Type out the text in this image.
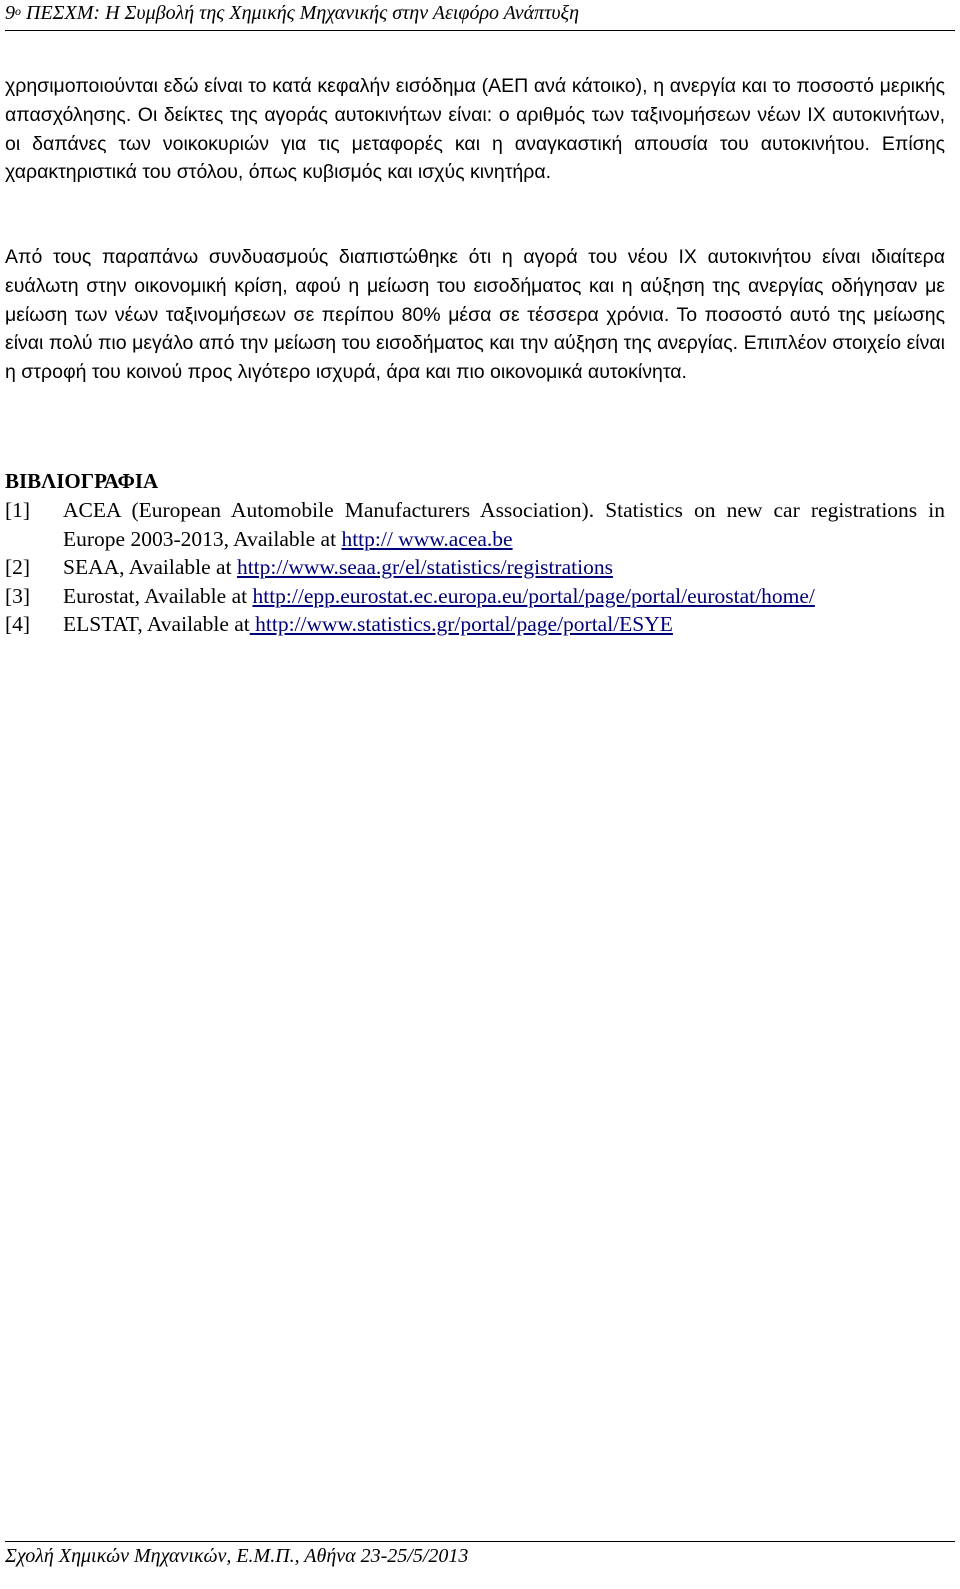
$9^o$ ΠΕΣΧΜ: Η Συμβολή της Χημικής Μηχανικής στην Αειφόρο Ανάπτυξη
χρησιμοποιούνται εδώ είναι το κατά κεφαλήν εισόδημα (ΑΕΠ ανά κάτοικο), η ανεργία και το ποσοστό μερικής απασχόλησης. Οι δείκτες της αγοράς αυτοκινήτων είναι: ο αριθμός των ταξινομήσεων νέων ΙΧ αυτοκινήτων, οι δαπάνες των νοικοκυριών για τις μεταφορές και η αναγκαστική απουσία του αυτοκινήτου. Επίσης χαρακτηριστικά του στόλου, όπως κυβισμός και ισχύς κινητήρα.
Από τους παραπάνω συνδυασμούς διαπιστώθηκε ότι η αγορά του νέου ΙΧ αυτοκινήτου είναι ιδιαίτερα ευάλωτη στην οικονομική κρίση, αφού η μείωση του εισοδήματος και η αύξηση της ανεργίας οδήγησαν με μείωση των νέων ταξινομήσεων σε περίπου 80% μέσα σε τέσσερα χρόνια. Το ποσοστό αυτό της μείωσης είναι πολύ πιο μεγάλο από την μείωση του εισοδήματος και την αύξηση της ανεργίας. Επιπλέον στοιχείο είναι η στροφή του κοινού προς λιγότερο ισχυρά, άρα και πιο οικονομικά αυτοκίνητα.
ΒΙΒΛΙΟΓΡΑΦΙΑ
[1]	ACEA (European Automobile Manufacturers Association). Statistics on new car registrations in Europe 2003-2013, Available at http:// www.acea.be
[2]	SEAA, Available at http://www.seaa.gr/el/statistics/registrations
[3]	Eurostat, Available at http://epp.eurostat.ec.europa.eu/portal/page/portal/eurostat/home/
[4]	ELSTAT, Available at http://www.statistics.gr/portal/page/portal/ESYE
Σχολή Χημικών Μηχανικών, Ε.Μ.Π., Αθήνα 23-25/5/2013
